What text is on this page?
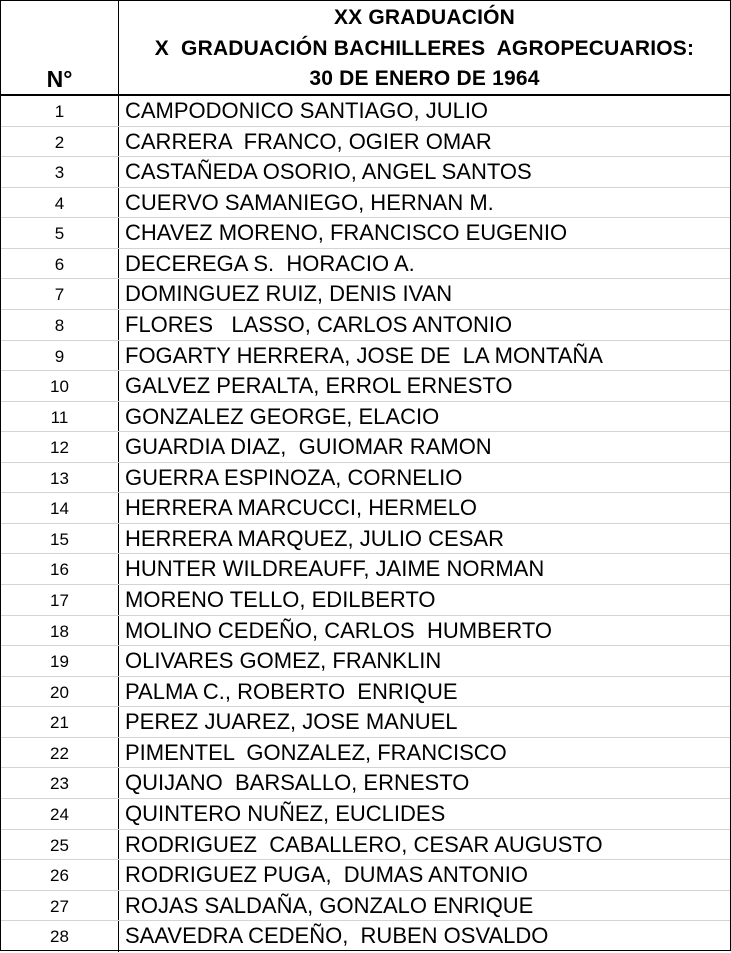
N°
XX GRADUACIÓN
X  GRADUACIÓN BACHILLERES  AGROPECUARIOS:
30 DE ENERO DE 1964
1	CAMPODONICO SANTIAGO, JULIO
2	CARRERA  FRANCO, OGIER OMAR
3	CASTAÑEDA OSORIO, ANGEL SANTOS
4	CUERVO SAMANIEGO, HERNAN M.
5	CHAVEZ MORENO, FRANCISCO EUGENIO
6	DECEREGA S.  HORACIO A.
7	DOMINGUEZ RUIZ, DENIS IVAN
8	FLORES   LASSO, CARLOS ANTONIO
9	FOGARTY HERRERA, JOSE DE  LA MONTAÑA
10	GALVEZ PERALTA, ERROL ERNESTO
11	GONZALEZ GEORGE, ELACIO
12	GUARDIA DIAZ,  GUIOMAR RAMON
13	GUERRA ESPINOZA, CORNELIO
14	HERRERA MARCUCCI, HERMELO
15	HERRERA MARQUEZ, JULIO CESAR
16	HUNTER WILDREAUFF, JAIME NORMAN
17	MORENO TELLO, EDILBERTO
18	MOLINO CEDEÑO, CARLOS  HUMBERTO
19	OLIVARES GOMEZ, FRANKLIN
20	PALMA C., ROBERTO  ENRIQUE
21	PEREZ JUAREZ, JOSE MANUEL
22	PIMENTEL  GONZALEZ, FRANCISCO
23	QUIJANO  BARSALLO, ERNESTO
24	QUINTERO NUÑEZ, EUCLIDES
25	RODRIGUEZ  CABALLERO, CESAR AUGUSTO
26	RODRIGUEZ PUGA,  DUMAS ANTONIO
27	ROJAS SALDAÑA, GONZALO ENRIQUE
28	SAAVEDRA CEDEÑO,  RUBEN OSVALDO
